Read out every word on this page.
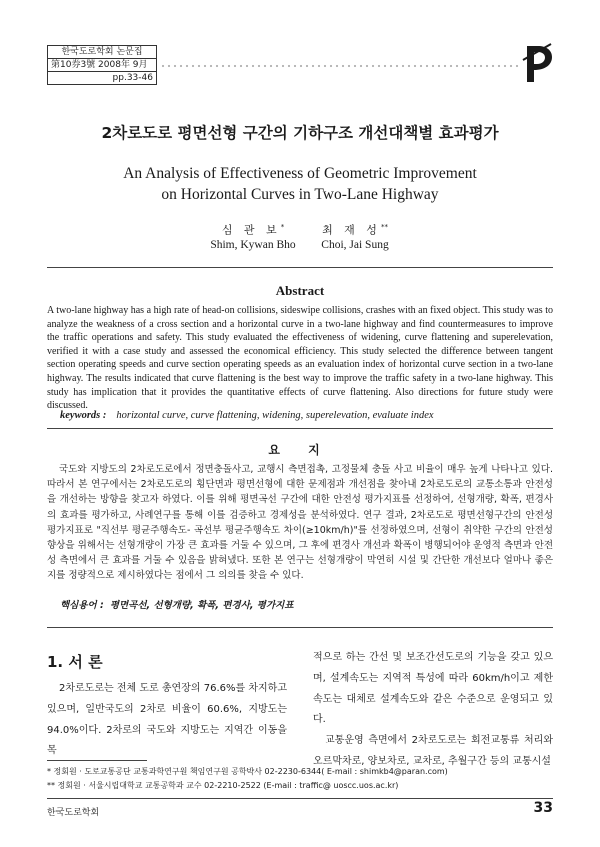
한국도로학회 논문집
第10券3號 2008年 9月
pp.33-46
2차로도로 평면선형 구간의 기하구조 개선대책별 효과평가
An Analysis of Effectiveness of Geometric Improvement
on Horizontal Curves in Two-Lane Highway
심 관 보*
Shim, Kywan Bho
최 재 성**
Choi, Jai Sung
Abstract
A two-lane highway has a high rate of head-on collisions, sideswipe collisions, crashes with an fixed object. This study was to analyze the weakness of a cross section and a horizontal curve in a two-lane highway and find countermeasures to improve the traffic operations and safety. This study evaluated the effectiveness of widening, curve flattening and superelevation, verified it with a case study and assessed the economical efficiency. This study selected the difference between tangent section operating speeds and curve section operating speeds as an evaluation index of horizontal curve section in a two-lane highway. The results indicated that curve flattening is the best way to improve the traffic safety in a two-lane highway. This study has implication that it provides the quantitative effects of curve flattening. Also directions for future study were discussed.
keywords : horizontal curve, curve flattening, widening, superelevation, evaluate index
요 지
국도와 지방도의 2차로도로에서 정면충돌사고, 교행시 측면접촉, 고정물체 충돌 사고 비율이 매우 높게 나타나고 있다. 따라서 본 연구에서는 2차로도로의 횡단면과 평면선형에 대한 문제점과 개선점을 찾아내 2차로도로의 교통소통과 안전성을 개선하는 방향을 찾고자 하였다. 이를 위해 평면곡선 구간에 대한 안전성 평가지표를 선정하여, 선형개량, 확폭, 편경사의 효과를 평가하고, 사례연구를 통해 이를 검증하고 경제성을 분석하였다. 연구 결과, 2차로도로 평면선형구간의 안전성 평가지표로 "직선부 평균주행속도- 곡선부 평균주행속도 차이(≥10km/h)"를 선정하였으며, 선형이 취약한 구간의 안전성 향상을 위해서는 선형개량이 가장 큰 효과를 거둘 수 있으며, 그 후에 편경사 개선과 확폭이 병행되어야 운영적 측면과 안전성 측면에서 큰 효과를 거둘 수 있음을 밝혀냈다. 또한 본 연구는 선형개량이 막연히 시설 및 간단한 개선보다 얼마나 좋은지를 정량적으로 제시하였다는 점에서 그 의의를 찾을 수 있다.
핵심용어 : 평면곡선, 선형개량, 확폭, 편경사, 평가지표
1. 서 론

2차로도로는 전체 도로 총연장의 76.6%를 차지하고 있으며, 일반국도의 2차로 비율이 60.6%, 지방도는 94.0%이다. 2차로의 국도와 지방도는 지역간 이동을 목

적으로 하는 간선 및 보조간선도로의 기능을 갖고 있으며, 설계속도는 지역적 특성에 따라 60km/h이고 제한속도는 대체로 설계속도와 같은 수준으로 운영되고 있다.

교통운영 측면에서 2차로도로는 회전교통류 처리와 오르막차로, 양보차로, 교차로, 추월구간 등의 교통시설

* 정회원 · 도로교통공단 교통과학연구원 책임연구원 공학박사 02-2230-6344( E-mail : shimkb4@paran.com)
** 정회원 · 서울시립대학교 교통공학과 교수 02-2210-2522 (E-mail : traffic@ uoscc.uos.ac.kr)
한국도로학회	33
